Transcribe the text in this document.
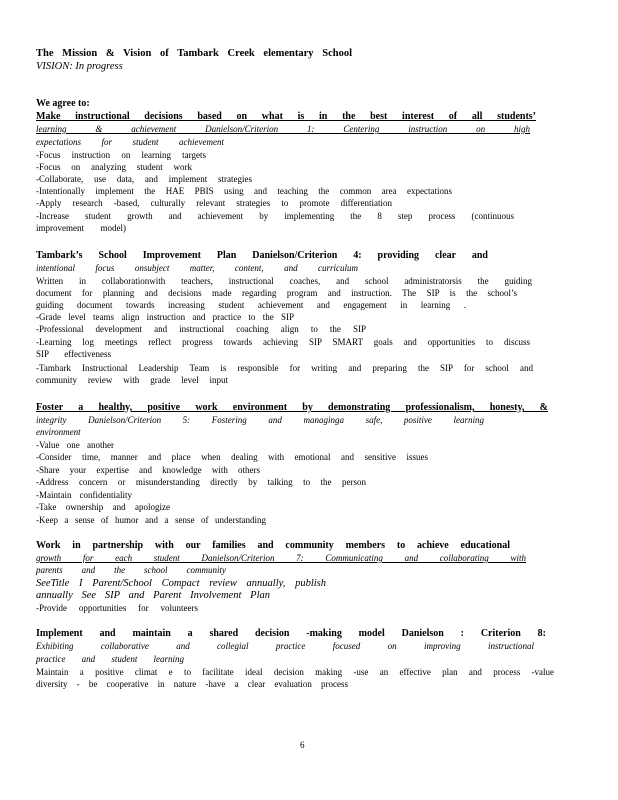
The Mission & Vision of Tambark Creek elementary School
VISION: In progress
We agree to:
Make instructional decisions based on what is in the best interest of all students’
learning & achievement Danielson/Criterion 1: Centering instruction on high
expectations for student achievement
-Focus instruction on learning targets
-Focus on analyzing student work
-Collaborate, use data, and implement strategies
-Intentionally implement the HAE PBIS using and teaching the common area expectations
-Apply research -based, culturally relevant strategies to promote differentiation
-Increase student growth and achievement by implementing the 8 step process (continuous
improvement model)
Tambark’s School Improvement Plan Danielson/Criterion 4: providing clear and
intentional focus onsubject matter, content, and curriculum
Written in collaborationwith teachers, instructional coaches, and school administratorsis the guiding
document for planning and decisions made regarding program and instruction. The SIP is the school’s
guiding document towards increasing student achievement and engagement in learning .
-Grade level teams align instruction and practice to the SIP
-Professional development and instructional coaching align to the SIP
-Learning log meetings reflect progress towards achieving SIP SMART goals and opportunities to discuss
SIP effectiveness
-Tambark Instructional Leadership Team is responsible for writing and preparing the SIP for school and
community review with grade level input
Foster a healthy, positive work environment by demonstrating professionalism, honesty, &
integrity Danielson/Criterion 5: Fostering and managinga safe, positive learning
environment
-Value one another
-Consider time, manner and place when dealing with emotional and sensitive issues
-Share your expertise and knowledge with others
-Address concern or misunderstanding directly by talking to the person
-Maintain confidentiality
-Take ownership and apologize
-Keep a sense of humor and a sense of understanding
Work in partnership with our families and community members to achieve educational
growth for each student Danielson/Criterion 7: Communicating and collaborating with
parents and the school community
SeeTitle I Parent/School Compact review annually, publish
annually See SIP and Parent Involvement Plan
-Provide opportunities for volunteers
Implement and maintain a shared decision -making model Danielson : Criterion 8:
Exhibiting collaborative and collegial practice focused on improving instructional
practice and student learning
Maintain a positive climat e to facilitate ideal decision making -use an effective plan and process -value
diversity - be cooperative in nature -have a clear evaluation process
6
